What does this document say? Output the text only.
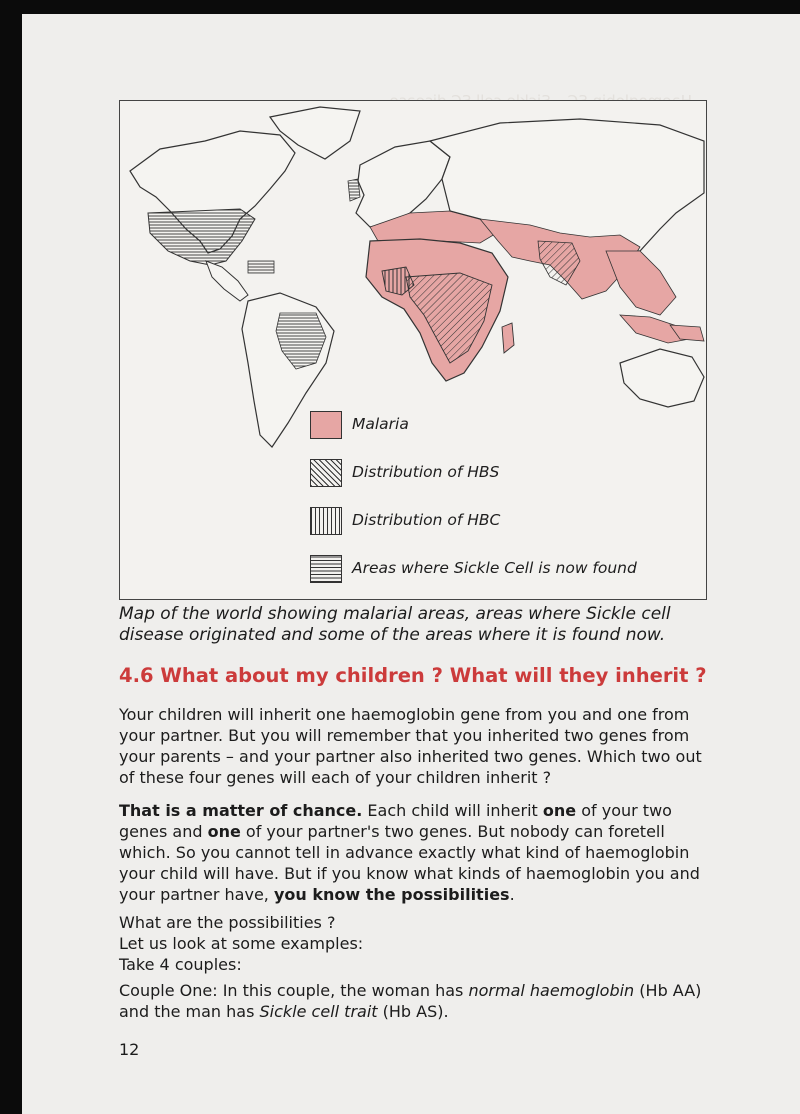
Malaria
Distribution of HBS
Distribution of HBC
Areas where Sickle Cell is now found
Map of the world showing malarial areas, areas where Sickle cell disease originated and some of the areas where it is found now.
4.6 What about my children ? What will they inherit ?

Your children will inherit one haemoglobin gene from you and one from your partner. But you will remember that you inherited two genes from your parents – and your partner also inherited two genes. Which two out of these four genes will each of your children inherit ?

That is a matter of chance. Each child will inherit one of your two genes and one of your partner's two genes. But nobody can foretell which. So you cannot tell in advance exactly what kind of haemoglobin your child will have. But if you know what kinds of haemoglobin you and your partner have, you know the possibilities.

What are the possibilities ?
Let us look at some examples:
Take 4 couples:

Couple One: In this couple, the woman has normal haemoglobin (Hb AA) and the man has Sickle cell trait (Hb AS).

12
